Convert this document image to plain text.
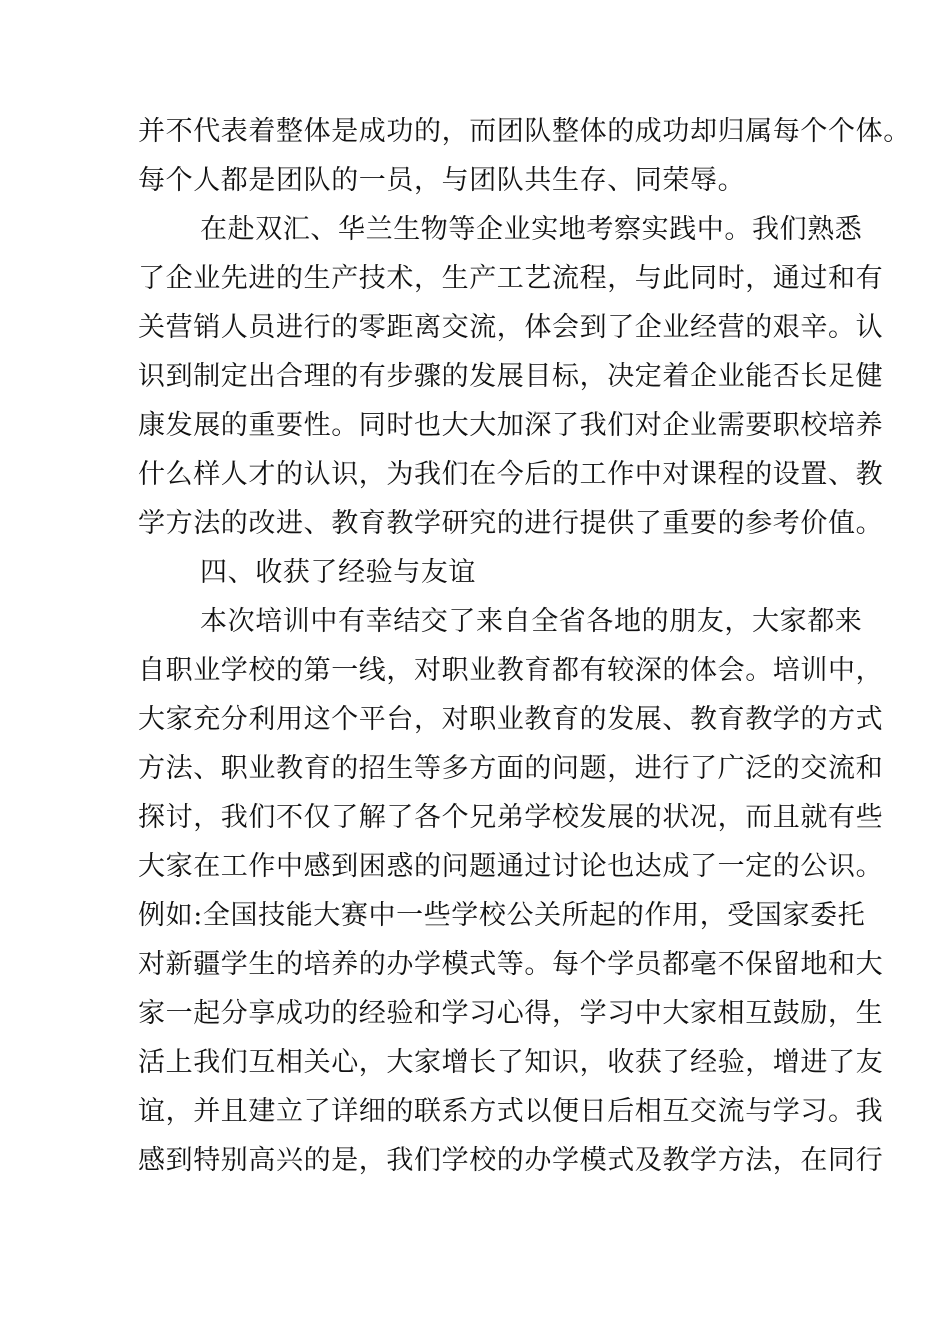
并不代表着整体是成功的，而团队整体的成功却归属每个个体。
每个人都是团队的一员，与团队共生存、同荣辱。
在赴双汇、华兰生物等企业实地考察实践中。我们熟悉
了企业先进的生产技术，生产工艺流程，与此同时，通过和有
关营销人员进行的零距离交流，体会到了企业经营的艰辛。认
识到制定出合理的有步骤的发展目标，决定着企业能否长足健
康发展的重要性。同时也大大加深了我们对企业需要职校培养
什么样人才的认识，为我们在今后的工作中对课程的设置、教
学方法的改进、教育教学研究的进行提供了重要的参考价值。
四、收获了经验与友谊
本次培训中有幸结交了来自全省各地的朋友，大家都来
自职业学校的第一线，对职业教育都有较深的体会。培训中，
大家充分利用这个平台，对职业教育的发展、教育教学的方式
方法、职业教育的招生等多方面的问题，进行了广泛的交流和
探讨，我们不仅了解了各个兄弟学校发展的状况，而且就有些
大家在工作中感到困惑的问题通过讨论也达成了一定的公识。
例如:全国技能大赛中一些学校公关所起的作用，受国家委托
对新疆学生的培养的办学模式等。每个学员都毫不保留地和大
家一起分享成功的经验和学习心得，学习中大家相互鼓励，生
活上我们互相关心，大家增长了知识，收获了经验，增进了友
谊，并且建立了详细的联系方式以便日后相互交流与学习。我
感到特别高兴的是，我们学校的办学模式及教学方法，在同行
